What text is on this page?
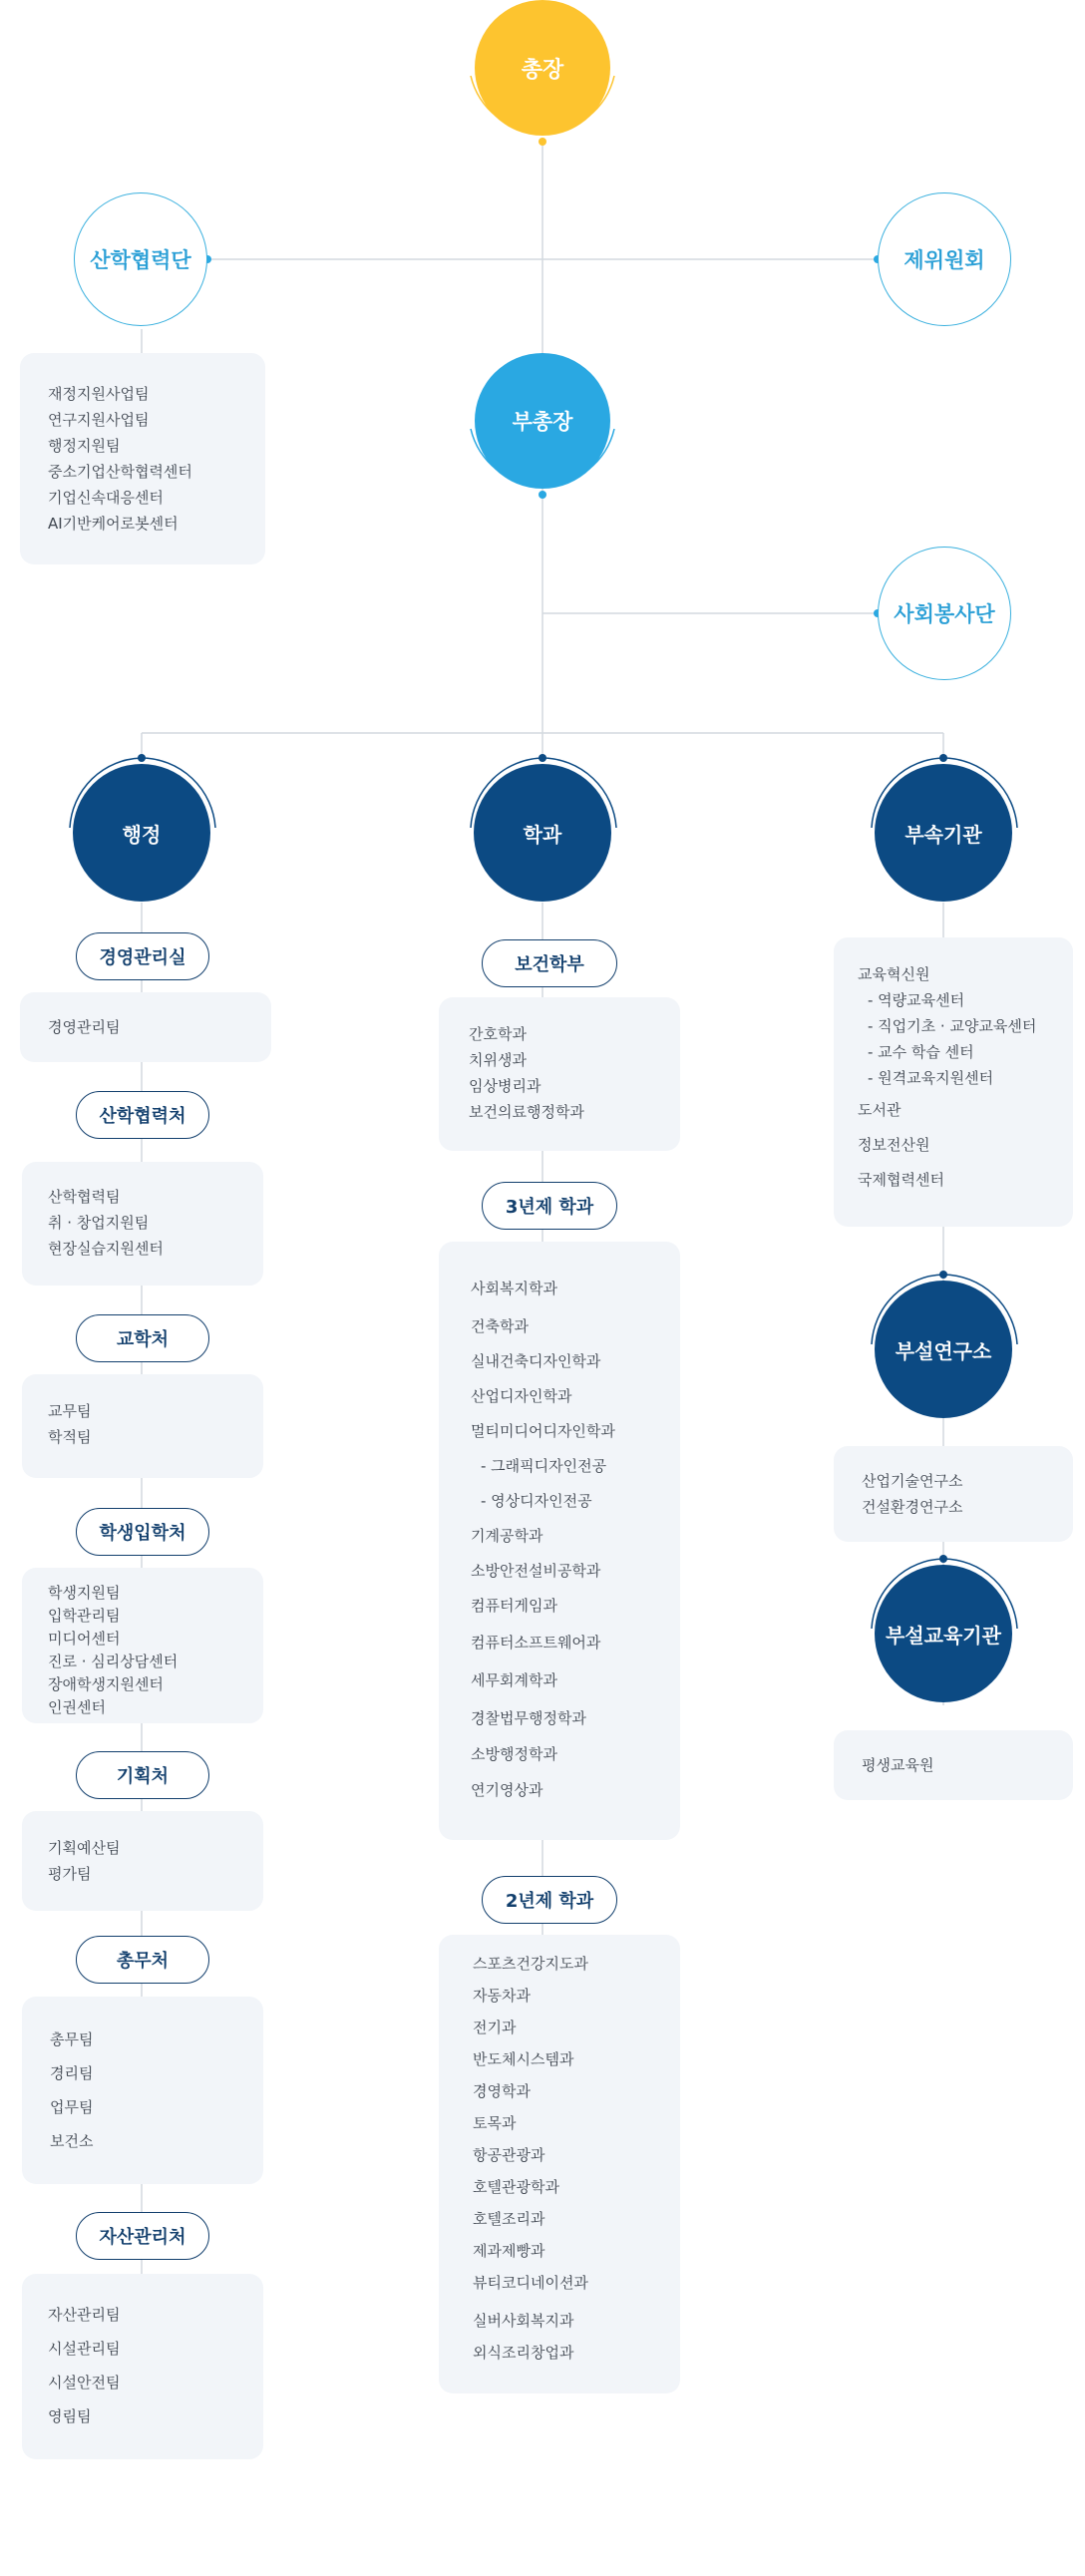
총장
부총장
산학협력단	제위원회
사회봉사단
재정지원사업팀
연구지원사업팀
행정지원팀
중소기업산학협력센터
기업신속대응센터
AI기반케어로봇센터
행정	학과	부속기관
경영관리실
경영관리팀
산학협력처
산학협력팀
취 · 창업지원팀
현장실습지원센터
교학처
교무팀
학적팀
학생입학처
학생지원팀
입학관리팀
미디어센터
진로 · 심리상담센터
장애학생지원센터
인권센터
기획처
기획예산팀
평가팀
총무처
총무팀
경리팀
업무팀
보건소
자산관리처
자산관리팀
시설관리팀
시설안전팀
영림팀
보건학부
간호학과
치위생과
임상병리과
보건의료행정학과
3년제 학과
사회복지학과
건축학과
실내건축디자인학과
산업디자인학과
멀티미디어디자인학과
- 그래픽디자인전공
- 영상디자인전공
기계공학과
소방안전설비공학과
컴퓨터게임과
컴퓨터소프트웨어과
세무회계학과
경찰법무행정학과
소방행정학과
연기영상과
2년제 학과
스포츠건강지도과
자동차과
전기과
반도체시스템과
경영학과
토목과
항공관광과
호텔관광학과
호텔조리과
제과제빵과
뷰티코디네이션과
실버사회복지과
외식조리창업과
교육혁신원
- 역량교육센터
- 직업기초 · 교양교육센터
- 교수 학습 센터
- 원격교육지원센터
도서관
정보전산원
국제협력센터
부설연구소
산업기술연구소
건설환경연구소
부설교육기관
평생교육원
